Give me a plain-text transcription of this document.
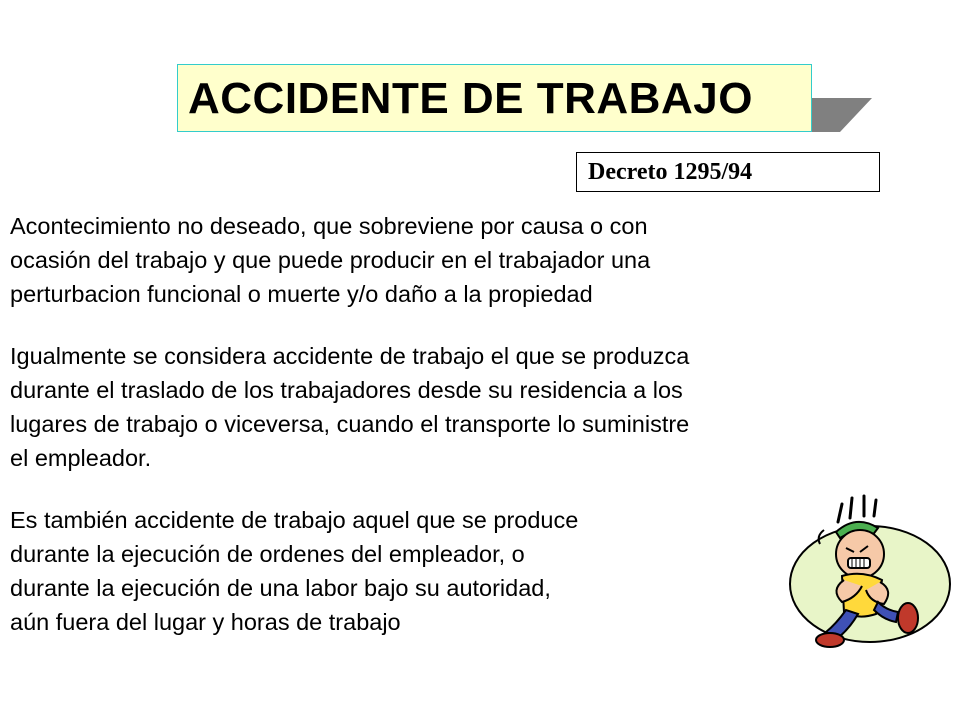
ACCIDENTE DE TRABAJO
Decreto 1295/94
Acontecimiento no deseado, que sobreviene por causa o con
ocasión del trabajo y que puede producir en el trabajador una
perturbacion funcional o muerte y/o daño a la propiedad
Igualmente se considera accidente de trabajo el que se produzca
durante el traslado de los trabajadores desde su residencia a los
lugares de trabajo o viceversa, cuando el transporte lo suministre
el empleador.
Es también accidente de trabajo aquel que se produce
durante la ejecución de ordenes del empleador, o
durante la ejecución de una labor bajo su autoridad,
aún fuera del lugar y horas de trabajo
